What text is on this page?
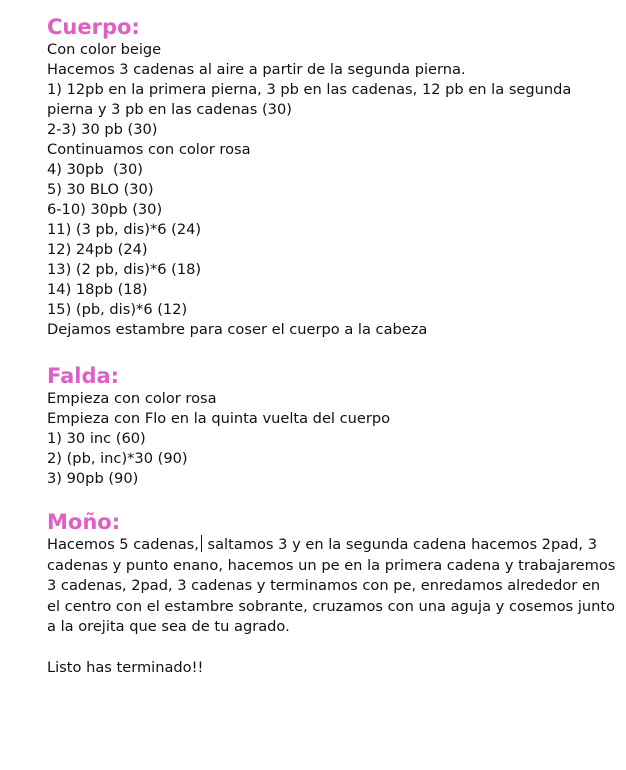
Cuerpo:
Con color beige
Hacemos 3 cadenas al aire a partir de la segunda pierna.
1) 12pb en la primera pierna, 3 pb en las cadenas, 12 pb en la segunda
pierna y 3 pb en las cadenas (30)
2-3) 30 pb (30)
Continuamos con color rosa
4) 30pb  (30)
5) 30 BLO (30)
6-10) 30pb (30)
11) (3 pb, dis)*6 (24)
12) 24pb (24)
13) (2 pb, dis)*6 (18)
14) 18pb (18)
15) (pb, dis)*6 (12)
Dejamos estambre para coser el cuerpo a la cabeza
Falda:
Empieza con color rosa
Empieza con Flo en la quinta vuelta del cuerpo
1) 30 inc (60)
2) (pb, inc)*30 (90)
3) 90pb (90)
Moño:

Hacemos 5 cadenas, saltamos 3 y en la segunda cadena hacemos 2pad, 3 cadenas y punto enano, hacemos un pe en la primera cadena y trabajaremos 3 cadenas, 2pad, 3 cadenas y terminamos con pe, enredamos alrededor en el centro con el estambre sobrante, cruzamos con una aguja y cosemos junto a la orejita que sea de tu agrado.

Listo has terminado!!
